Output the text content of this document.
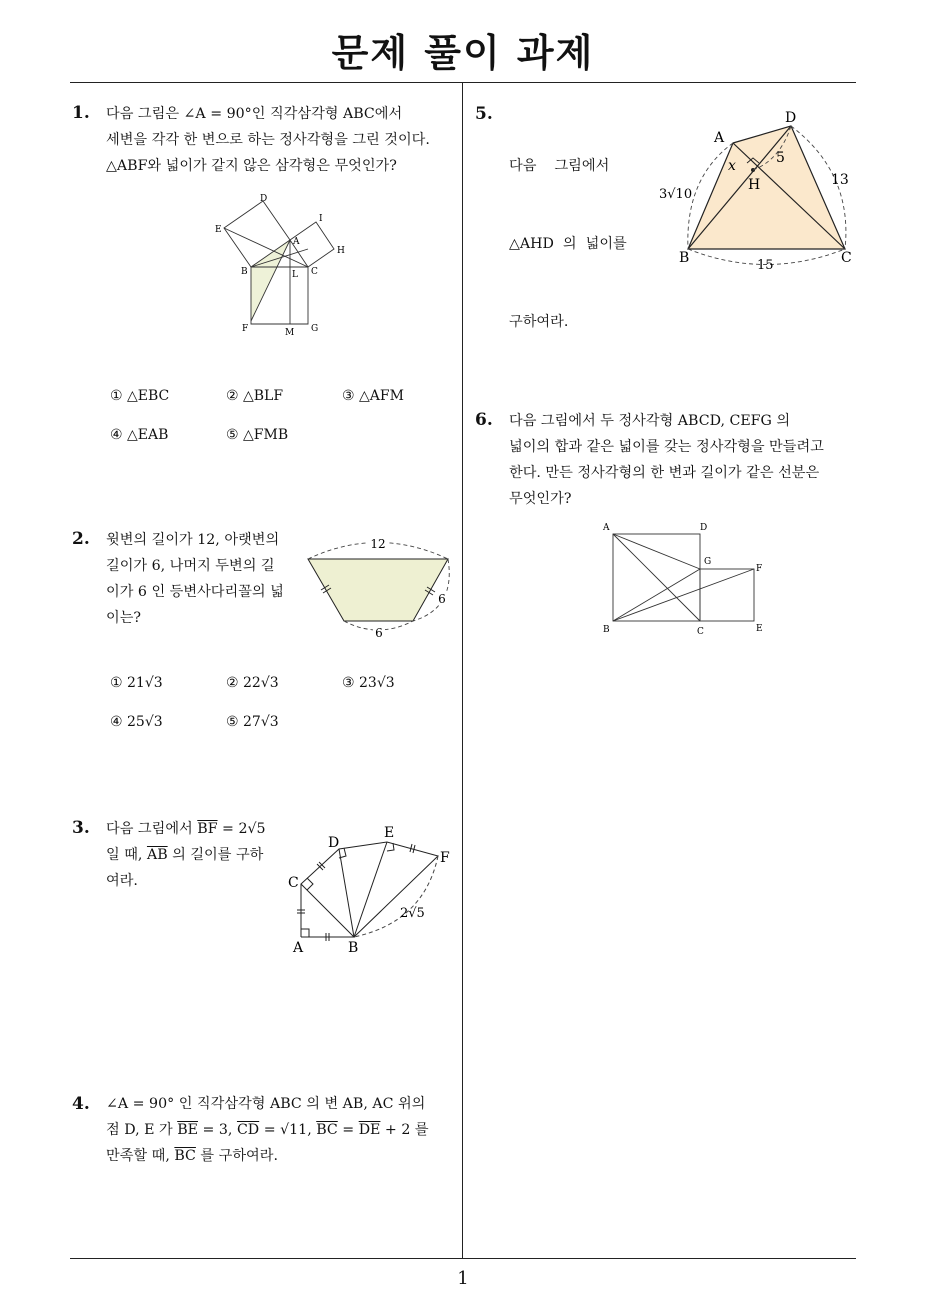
문제 풀이 과제
1
1. 다음 그림은 ∠A = 90°인 직각삼각형 ABC에서
세변을 각각 한 변으로 하는 정사각형을 그린 것이다.
△ABF와 넓이가 같지 않은 삼각형은 무엇인가?
D
E
I
A
H
B	L C
F	M G
① △EBC	② △BLF	③ △AFM
④ △EAB	⑤ △FMB
2. 윗변의 길이가 12, 아랫변의
길이가 6, 나머지 두변의 길
이가 6 인 등변사다리꼴의 넓
이는?
12
6
6
① 21√3	② 22√3	③ 23√3
④ 25√3	⑤ 27√3
3. 다음 그림에서 $\overline{BF} = 2√5$
일 때, $\overline{AB}$ 의 길이를 구하
여라.
D
E
F
C
2√5
A	B
4. ∠A = 90° 인 직각삼각형 ABC 의 변 AB, AC 위의
점 D, E 가 $\overline{BE} = 3$, $\overline{CD} = √11$, $\overline{BC} = \overline{DE} + 2$ 를
만족할 때, $\overline{BC}$ 를 구하여라.
5.

다음    그림에서

△AHD  의  넓이를

구하여라.

D
A
x	5
H	13
3√10
B	15	C
6. 다음 그림에서 두 정사각형 ABCD, CEFG 의
넓이의 합과 같은 넓이를 갖는 정사각형을 만들려고
한다. 만든 정사각형의 한 변과 길이가 같은 선분은
무엇인가?
A	D
G
F
B	C	E
